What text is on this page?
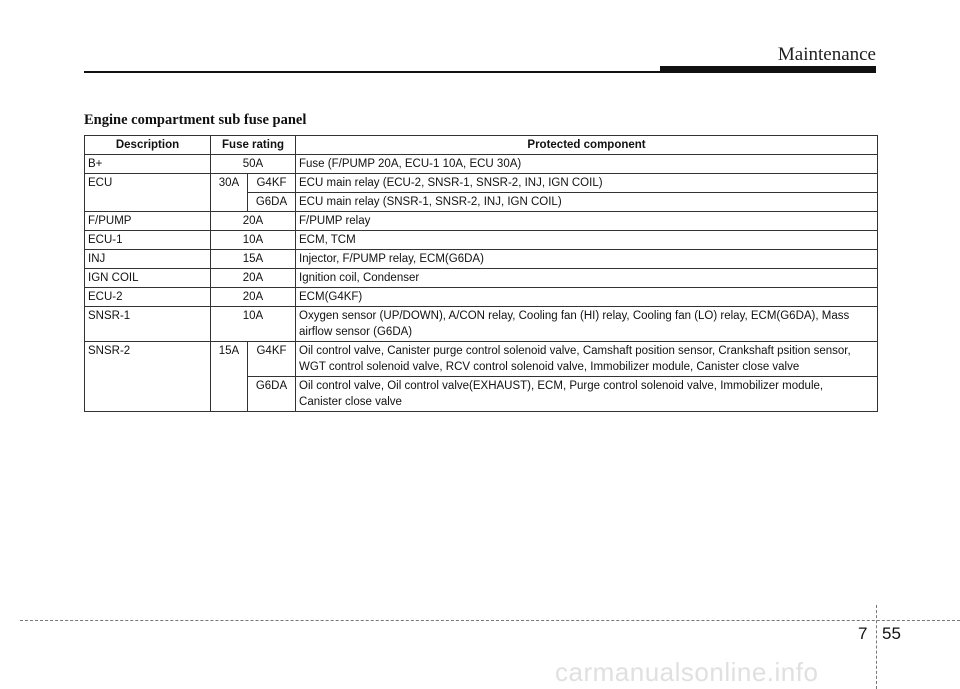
Maintenance
Engine compartment sub fuse panel
Description	Fuse rating		Protected component
B+	50A		Fuse (F/PUMP 20A, ECU-1 10A, ECU 30A)
ECU	30A	G4KF	ECU main relay (ECU-2, SNSR-1, SNSR-2, INJ, IGN COIL)
		G6DA	ECU main relay (SNSR-1, SNSR-2, INJ, IGN COIL)
F/PUMP	20A		F/PUMP relay
ECU-1	10A		ECM, TCM
INJ	15A		Injector, F/PUMP relay, ECM(G6DA)
IGN COIL	20A		Ignition coil, Condenser
ECU-2	20A		ECM(G4KF)
SNSR-1	10A		Oxygen sensor (UP/DOWN), A/CON relay, Cooling fan (HI) relay, Cooling fan (LO) relay, ECM(G6DA), Mass
airflow sensor (G6DA)

SNSR-2	15A	G4KF	Oil control valve, Canister purge control solenoid valve, Camshaft position sensor, Crankshaft psition sensor,
WGT control solenoid valve, RCV control solenoid valve, Immobilizer module, Canister close valve

		G6DA	Oil control valve, Oil control valve(EXHAUST), ECM, Purge control solenoid valve, Immobilizer module,
Canister close valve
7 55
carmanualsonline.info
